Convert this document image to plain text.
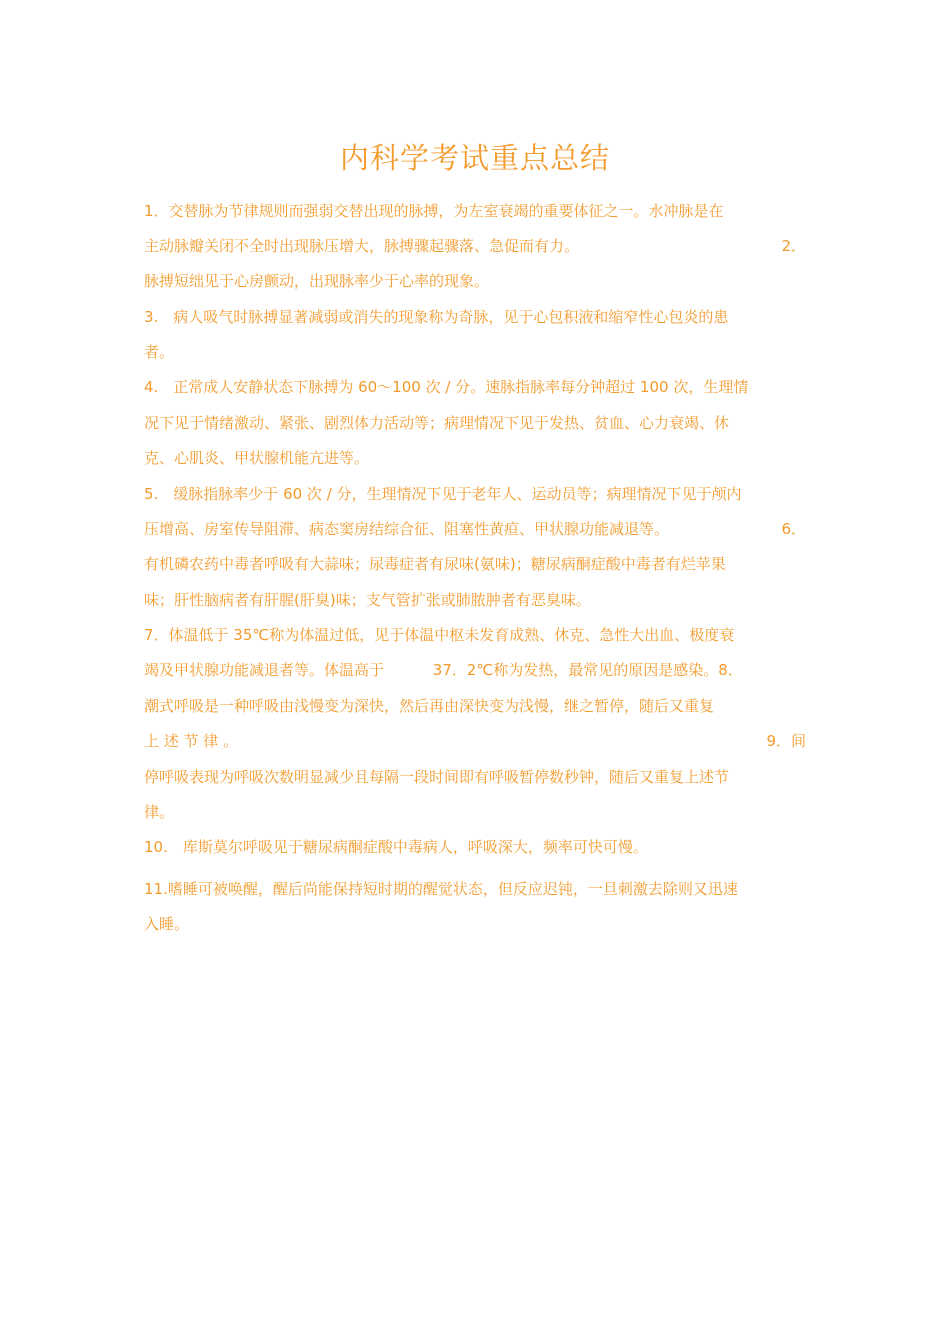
内科学考试重点总结
1．交替脉为节律规则而强弱交替出现的脉搏，为左室衰竭的重要体征之一。水冲脉是在
主动脉瓣关闭不全时出现脉压增大，脉搏骤起骤落、急促而有力。	2．
脉搏短绌见于心房颤动，出现脉率少于心率的现象。
3.　病人吸气时脉搏显著减弱或消失的现象称为奇脉，见于心包积液和缩窄性心包炎的患
者。
4.　正常成人安静状态下脉搏为 60～100 次 / 分。速脉指脉率每分钟超过 100 次，生理情
况下见于情绪激动、紧张、剧烈体力活动等；病理情况下见于发热、贫血、心力衰竭、休
克、心肌炎、甲状腺机能亢进等。
5.　缓脉指脉率少于 60 次 / 分，生理情况下见于老年人、运动员等；病理情况下见于颅内
压增高、房室传导阻滞、病态窦房结综合征、阻塞性黄疸、甲状腺功能减退等。	6．
有机磷农药中毒者呼吸有大蒜味；尿毒症者有尿味(氨味)；糖尿病酮症酸中毒者有烂苹果
味；肝性脑病者有肝腥(肝臭)味；支气管扩张或肺脓肿者有恶臭味。
7．体温低于 35℃称为体温过低，见于体温中枢未发育成熟、休克、急性大出血、极度衰
竭及甲状腺功能减退者等。体温高于	37．2℃称为发热，最常见的原因是感染。8．
潮式呼吸是一种呼吸由浅慢变为深快，然后再由深快变为浅慢，继之暂停，随后又重复
上 述 节 律 。	9．间
停呼吸表现为呼吸次数明显减少且每隔一段时间即有呼吸暂停数秒钟，随后又重复上述节
律。
10.　库斯莫尔呼吸见于糖尿病酮症酸中毒病人，呼吸深大，频率可快可慢。
11.嗜睡可被唤醒，醒后尚能保持短时期的醒觉状态，但反应迟钝，一旦刺激去除则又迅速
入睡。
